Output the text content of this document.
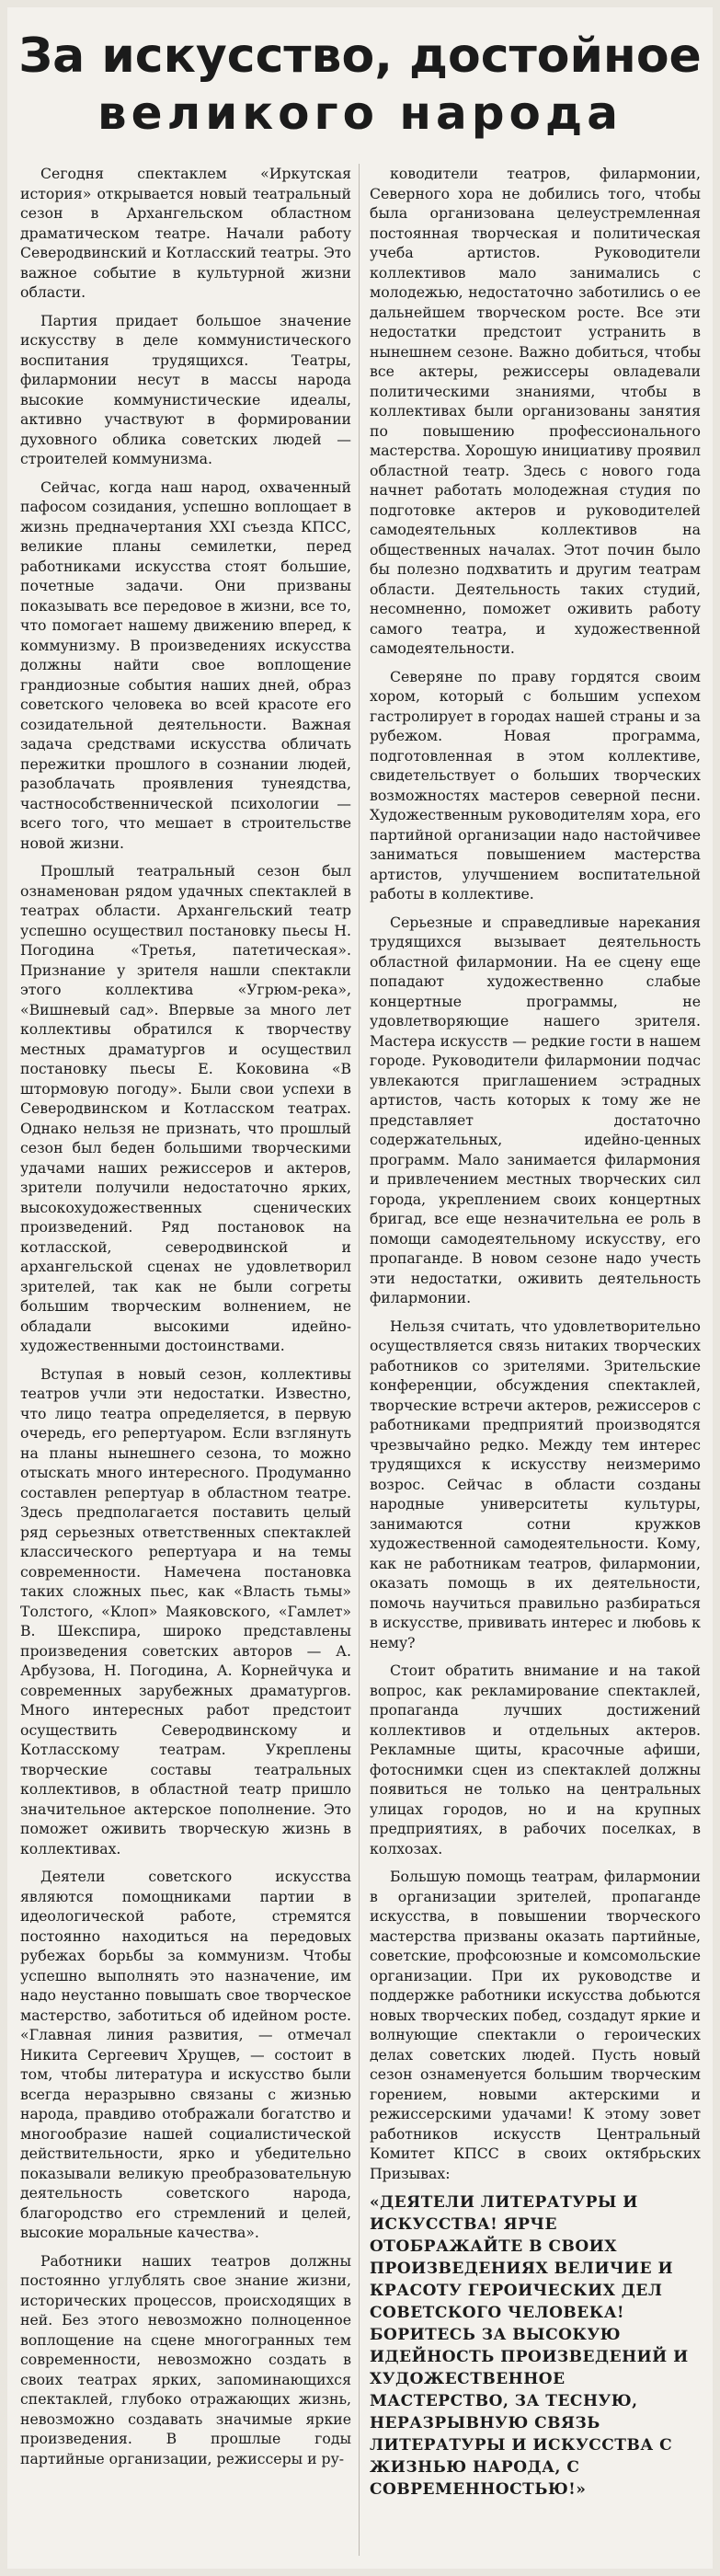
За искусство, достойное
великого народа

Сегодня спектаклем «Иркутская история» открывается новый театральный сезон в Архангельском областном драматическом театре. Начали работу Северодвинский и Котласский театры. Это важное событие в культурной жизни области.

Партия придает большое значение искусству в деле коммунистического воспитания трудящихся. Театры, филармонии несут в массы народа высокие коммунистические идеалы, активно участвуют в формировании духовного облика советских людей — строителей коммунизма.

Сейчас, когда наш народ, охваченный пафосом созидания, успешно воплощает в жизнь предначертания XXI съезда КПСС, великие планы семилетки, перед работниками искусства стоят большие, почетные задачи. Они призваны показывать все передовое в жизни, все то, что помогает нашему движению вперед, к коммунизму. В произведениях искусства должны найти свое воплощение грандиозные события наших дней, образ советского человека во всей красоте его созидательной деятельности. Важная задача средствами искусства обличать пережитки прошлого в сознании людей, разоблачать проявления тунеядства, частнособственнической психологии — всего того, что мешает в строительстве новой жизни.

Прошлый театральный сезон был ознаменован рядом удачных спектаклей в театрах области. Архангельский театр успешно осуществил постановку пьесы Н. Погодина «Третья, патетическая». Признание у зрителя нашли спектакли этого коллектива «Угрюм-река», «Вишневый сад». Впервые за много лет коллективы обратился к творчеству местных драматургов и осуществил постановку пьесы Е. Коковина «В штормовую погоду». Были свои успехи в Северодвинском и Котласском театрах. Однако нельзя не признать, что прошлый сезон был беден большими творческими удачами наших режиссеров и актеров, зрители получили недостаточно ярких, высокохудожественных сценических произведений. Ряд постановок на котласской, северодвинской и архангельской сценах не удовлетворил зрителей, так как не были согреты большим творческим волнением, не обладали высокими идейно-художественными достоинствами.

Вступая в новый сезон, коллективы театров учли эти недостатки. Известно, что лицо театра определяется, в первую очередь, его репертуаром. Если взглянуть на планы нынешнего сезона, то можно отыскать много интересного. Продуманно составлен репертуар в областном театре. Здесь предполагается поставить целый ряд серьезных ответственных спектаклей классического репертуара и на темы современности. Намечена постановка таких сложных пьес, как «Власть тьмы» Толстого, «Клоп» Маяковского, «Гамлет» В. Шекспира, широко представлены произведения советских авторов — А. Арбузова, Н. Погодина, А. Корнейчука и современных зарубежных драматургов. Много интересных работ предстоит осуществить Северодвинскому и Котласскому театрам. Укреплены творческие составы театральных коллективов, в областной театр пришло значительное актерское пополнение. Это поможет оживить творческую жизнь в коллективах.

Деятели советского искусства являются помощниками партии в идеологической работе, стремятся постоянно находиться на передовых рубежах борьбы за коммунизм. Чтобы успешно выполнять это назначение, им надо неустанно повышать свое творческое мастерство, заботиться об идейном росте. «Главная линия развития, — отмечал Никита Сергеевич Хрущев, — состоит в том, чтобы литература и искусство были всегда неразрывно связаны с жизнью народа, правдиво отображали богатство и многообразие нашей социалистической действительности, ярко и убедительно показывали великую преобразовательную деятельность советского народа, благородство его стремлений и целей, высокие моральные качества».

Работники наших театров должны постоянно углублять свое знание жизни, исторических процессов, происходящих в ней. Без этого невозможно полноценное воплощение на сцене многогранных тем современности, невозможно создать в своих театрах ярких, запоминающихся спектаклей, глубоко отражающих жизнь, невозможно создавать значимые яркие произведения. В прошлые годы партийные организации, режиссеры и ру-

ководители театров, филармонии, Северного хора не добились того, чтобы была организована целеустремленная постоянная творческая и политическая учеба артистов. Руководители коллективов мало занимались с молодежью, недостаточно заботились о ее дальнейшем творческом росте. Все эти недостатки предстоит устранить в нынешнем сезоне. Важно добиться, чтобы все актеры, режиссеры овладевали политическими знаниями, чтобы в коллективах были организованы занятия по повышению профессионального мастерства. Хорошую инициативу проявил областной театр. Здесь с нового года начнет работать молодежная студия по подготовке актеров и руководителей самодеятельных коллективов на общественных началах. Этот почин было бы полезно подхватить и другим театрам области. Деятельность таких студий, несомненно, поможет оживить работу самого театра, и художественной самодеятельности.

Северяне по праву гордятся своим хором, который с большим успехом гастролирует в городах нашей страны и за рубежом. Новая программа, подготовленная в этом коллективе, свидетельствует о больших творческих возможностях мастеров северной песни. Художественным руководителям хора, его партийной организации надо настойчивее заниматься повышением мастерства артистов, улучшением воспитательной работы в коллективе.

Серьезные и справедливые нарекания трудящихся вызывает деятельность областной филармонии. На ее сцену еще попадают художественно слабые концертные программы, не удовлетворяющие нашего зрителя. Мастера искусств — редкие гости в нашем городе. Руководители филармонии подчас увлекаются приглашением эстрадных артистов, часть которых к тому же не представляет достаточно содержательных, идейно-ценных программ. Мало занимается филармония и привлечением местных творческих сил города, укреплением своих концертных бригад, все еще незначительна ее роль в помощи самодеятельному искусству, его пропаганде. В новом сезоне надо учесть эти недостатки, оживить деятельность филармонии.

Нельзя считать, что удовлетворительно осуществляется связь нитаких творческих работников со зрителями. Зрительские конференции, обсуждения спектаклей, творческие встречи актеров, режиссеров с работниками предприятий производятся чрезвычайно редко. Между тем интерес трудящихся к искусству неизмеримо возрос. Сейчас в области созданы народные университеты культуры, занимаются сотни кружков художественной самодеятельности. Кому, как не работникам театров, филармонии, оказать помощь в их деятельности, помочь научиться правильно разбираться в искусстве, прививать интерес и любовь к нему?

Стоит обратить внимание и на такой вопрос, как рекламирование спектаклей, пропаганда лучших достижений коллективов и отдельных актеров. Рекламные щиты, красочные афиши, фотоснимки сцен из спектаклей должны появиться не только на центральных улицах городов, но и на крупных предприятиях, в рабочих поселках, в колхозах.

Большую помощь театрам, филармонии в организации зрителей, пропаганде искусства, в повышении творческого мастерства призваны оказать партийные, советские, профсоюзные и комсомольские организации. При их руководстве и поддержке работники искусства добьются новых творческих побед, создадут яркие и волнующие спектакли о героических делах советских людей. Пусть новый сезон ознаменуется большим творческим горением, новыми актерскими и режиссерскими удачами! К этому зовет работников искусств Центральный Комитет КПСС в своих октябрьских Призывах:

«ДЕЯТЕЛИ ЛИТЕРАТУРЫ И ИСКУССТВА! ЯРЧЕ ОТОБРАЖАЙТЕ В СВОИХ ПРОИЗВЕДЕНИЯХ ВЕЛИЧИЕ И КРАСОТУ ГЕРОИЧЕСКИХ ДЕЛ СОВЕТСКОГО ЧЕЛОВЕКА! БОРИТЕСЬ ЗА ВЫСОКУЮ ИДЕЙНОСТЬ ПРОИЗВЕДЕНИЙ И ХУДОЖЕСТВЕННОЕ МАСТЕРСТВО, ЗА ТЕСНУЮ, НЕРАЗРЫВНУЮ СВЯЗЬ ЛИТЕРАТУРЫ И ИСКУССТВА С ЖИЗНЬЮ НАРОДА, С СОВРЕМЕННОСТЬЮ!»
